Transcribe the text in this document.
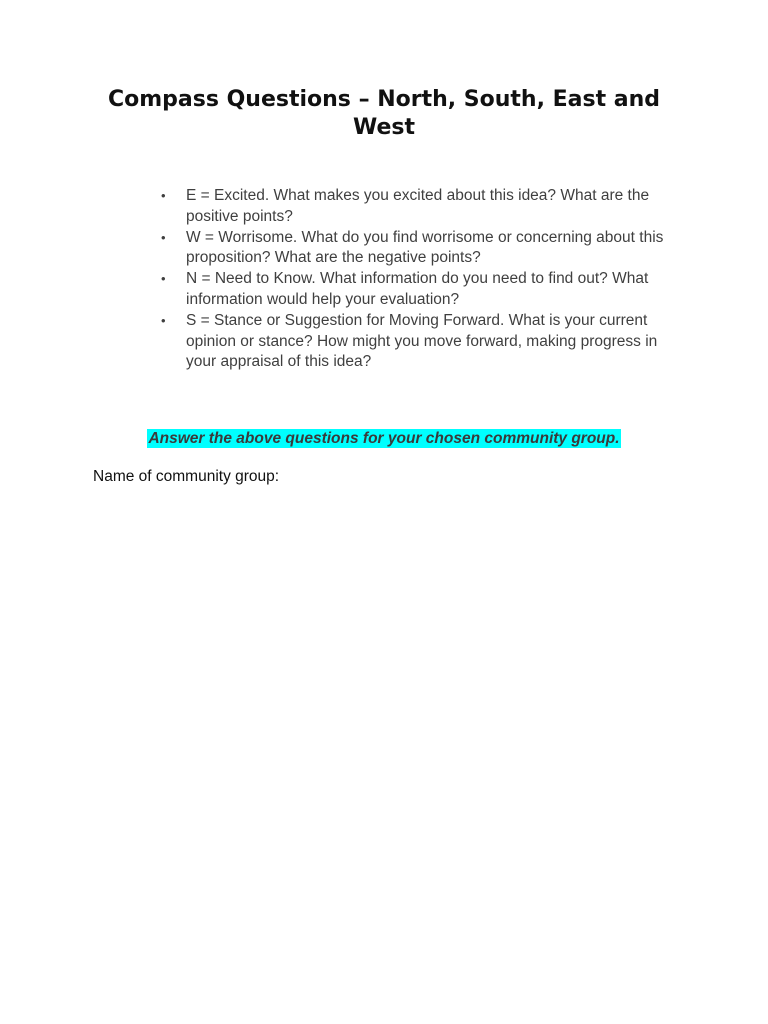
Compass Questions – North, South, East and West
• E = Excited. What makes you excited about this idea? What are the positive points?
• W = Worrisome. What do you find worrisome or concerning about this proposition? What are the negative points?
• N = Need to Know. What information do you need to find out? What information would help your evaluation?
• S = Stance or Suggestion for Moving Forward. What is your current opinion or stance? How might you move forward, making progress in your appraisal of this idea?

Answer the above questions for your chosen community group.

Name of community group:
